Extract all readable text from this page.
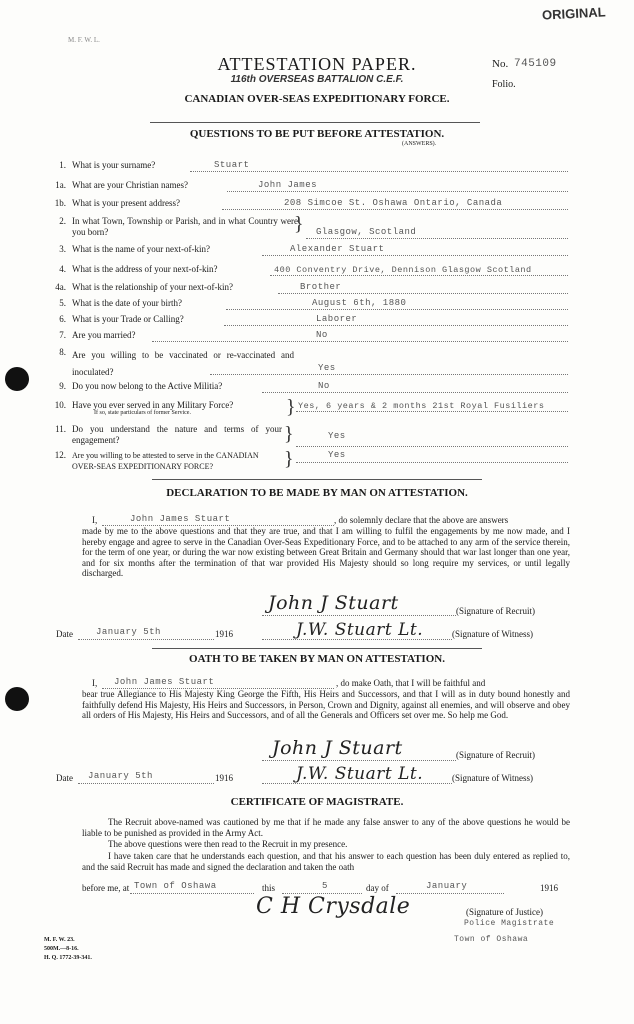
ORIGINAL
M. F. W. L.
ATTESTATION PAPER.
116th OVERSEAS BATTALION C.E.F.
CANADIAN OVER-SEAS EXPEDITIONARY FORCE.
No. 745109
Folio.
QUESTIONS TO BE PUT BEFORE ATTESTATION.
(ANSWERS).
1. What is your surname?	Stuart
1a. What are your Christian names?	John James
1b. What is your present address?	208 Simcoe St. Oshawa Ontario, Canada
2. In what Town, Township or Parish, and in what Country were you born?	} Glasgow, Scotland
3. What is the name of your next-of-kin?	Alexander Stuart
4. What is the address of your next-of-kin?	400 Conventry Drive, Dennison Glasgow Scotland
4a. What is the relationship of your next-of-kin?	Brother
5. What is the date of your birth?	August 6th, 1880
6. What is your Trade or Calling?	Laborer
7. Are you married?	No
8. Are you willing to be vaccinated or re-vaccinated and inoculated?	Yes
9. Do you now belong to the Active Militia?	No
10. Have you ever served in any Military Force?
If so, state particulars of former Service.	} Yes, 6 years & 2 months 21st Royal Fusiliers
11. Do you understand the nature and terms of your engagement?	}	Yes
12. Are you willing to be attested to serve in the CANADIAN OVER-SEAS EXPEDITIONARY FORCE?	}	Yes
DECLARATION TO BE MADE BY MAN ON ATTESTATION.
I,	John James Stuart	, do solemnly declare that the above are answers
made by me to the above questions and that they are true, and that I am willing to fulfil the engagements by me now made, and I hereby engage and agree to serve in the Canadian Over-Seas Expeditionary Force, and to be attached to any arm of the service therein, for the term of one year, or during the war now existing between Great Britain and Germany should that war last longer than one year, and for six months after the termination of that war provided His Majesty should so long require my services, or until legally discharged.
John J Stuart	(Signature of Recruit)
Date	January 5th	1916	J.W. Stuart Lt.	(Signature of Witness)
OATH TO BE TAKEN BY MAN ON ATTESTATION.
I, John James Stuart	, do make Oath, that I will be faithful and
bear true Allegiance to His Majesty King George the Fifth, His Heirs and Successors, and that I will as in duty bound honestly and faithfully defend His Majesty, His Heirs and Successors, in Person, Crown and Dignity, against all enemies, and will observe and obey all orders of His Majesty, His Heirs and Successors, and of all the Generals and Officers set over me. So help me God.
John J Stuart	(Signature of Recruit)
Date January 5th	1916	J.W. Stuart Lt.	(Signature of Witness)
CERTIFICATE OF MAGISTRATE.
The Recruit above-named was cautioned by me that if he made any false answer to any of the above questions he would be liable to be punished as provided in the Army Act.
The above questions were then read to the Recruit in my presence.
I have taken care that he understands each question, and that his answer to each question has been duly entered as replied to, and the said Recruit has made and signed the declaration and taken the oath
before me, at Town of Oshawa	this	5	day of	January	1916
C H Crysdale	(Signature of Justice)
Police Magistrate
Town of Oshawa
M. F. W. 23.
500M.—8-16.
H. Q. 1772-39-341.
